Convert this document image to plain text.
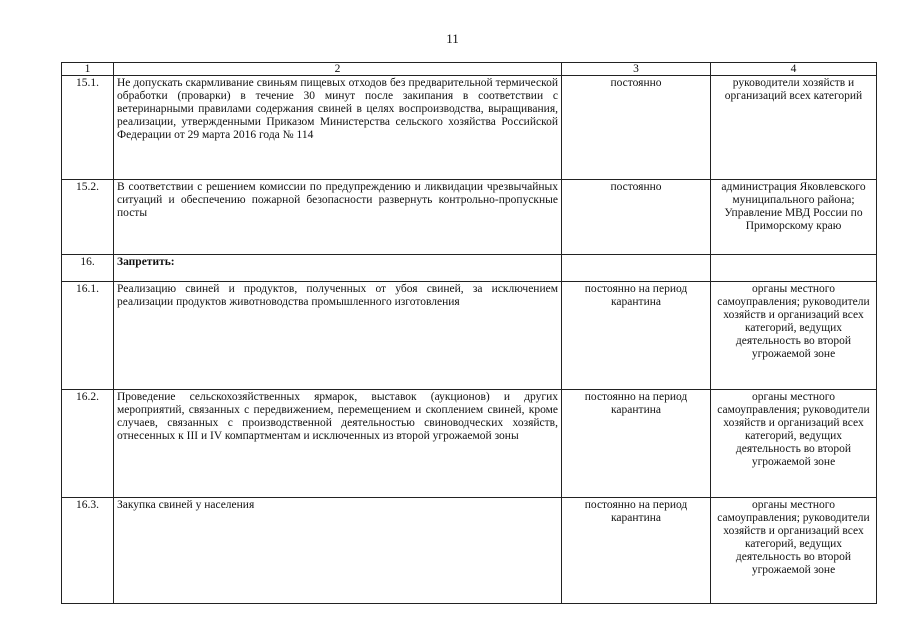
11
1	2	3	4
15.1.	Не допускать скармливание свиньям пищевых отходов без предварительной термической обработки (проварки) в течение 30 минут после закипания в соответствии с ветеринарными правилами содержания свиней в целях воспроизводства, выращивания, реализации, утвержденными Приказом Министерства сельского хозяйства Российской Федерации от 29 марта 2016 года № 114	постоянно	руководители хозяйств и организаций всех категорий
15.2.	В соответствии с решением комиссии по предупреждению и ликвидации чрезвычайных ситуаций и обеспечению пожарной безопасности развернуть контрольно-пропускные посты	постоянно	администрация Яковлевского муниципального района; Управление МВД России по Приморскому краю
16.	Запретить:		
16.1.	Реализацию свиней и продуктов, полученных от убоя свиней, за исключением реализации продуктов животноводства промышленного изготовления	постоянно на период карантина	органы местного самоуправления; руководители хозяйств и организаций всех категорий, ведущих деятельность во второй угрожаемой зоне
16.2.	Проведение сельскохозяйственных ярмарок, выставок (аукционов) и других мероприятий, связанных с передвижением, перемещением и скоплением свиней, кроме случаев, связанных с производственной деятельностью свиноводческих хозяйств, отнесенных к III и IV компартментам и исключенных из второй угрожаемой зоны	постоянно на период карантина	органы местного самоуправления; руководители хозяйств и организаций всех категорий, ведущих деятельность во второй угрожаемой зоне
16.3.	Закупка свиней у населения	постоянно на период карантина	органы местного самоуправления; руководители хозяйств и организаций всех категорий, ведущих деятельность во второй угрожаемой зоне
